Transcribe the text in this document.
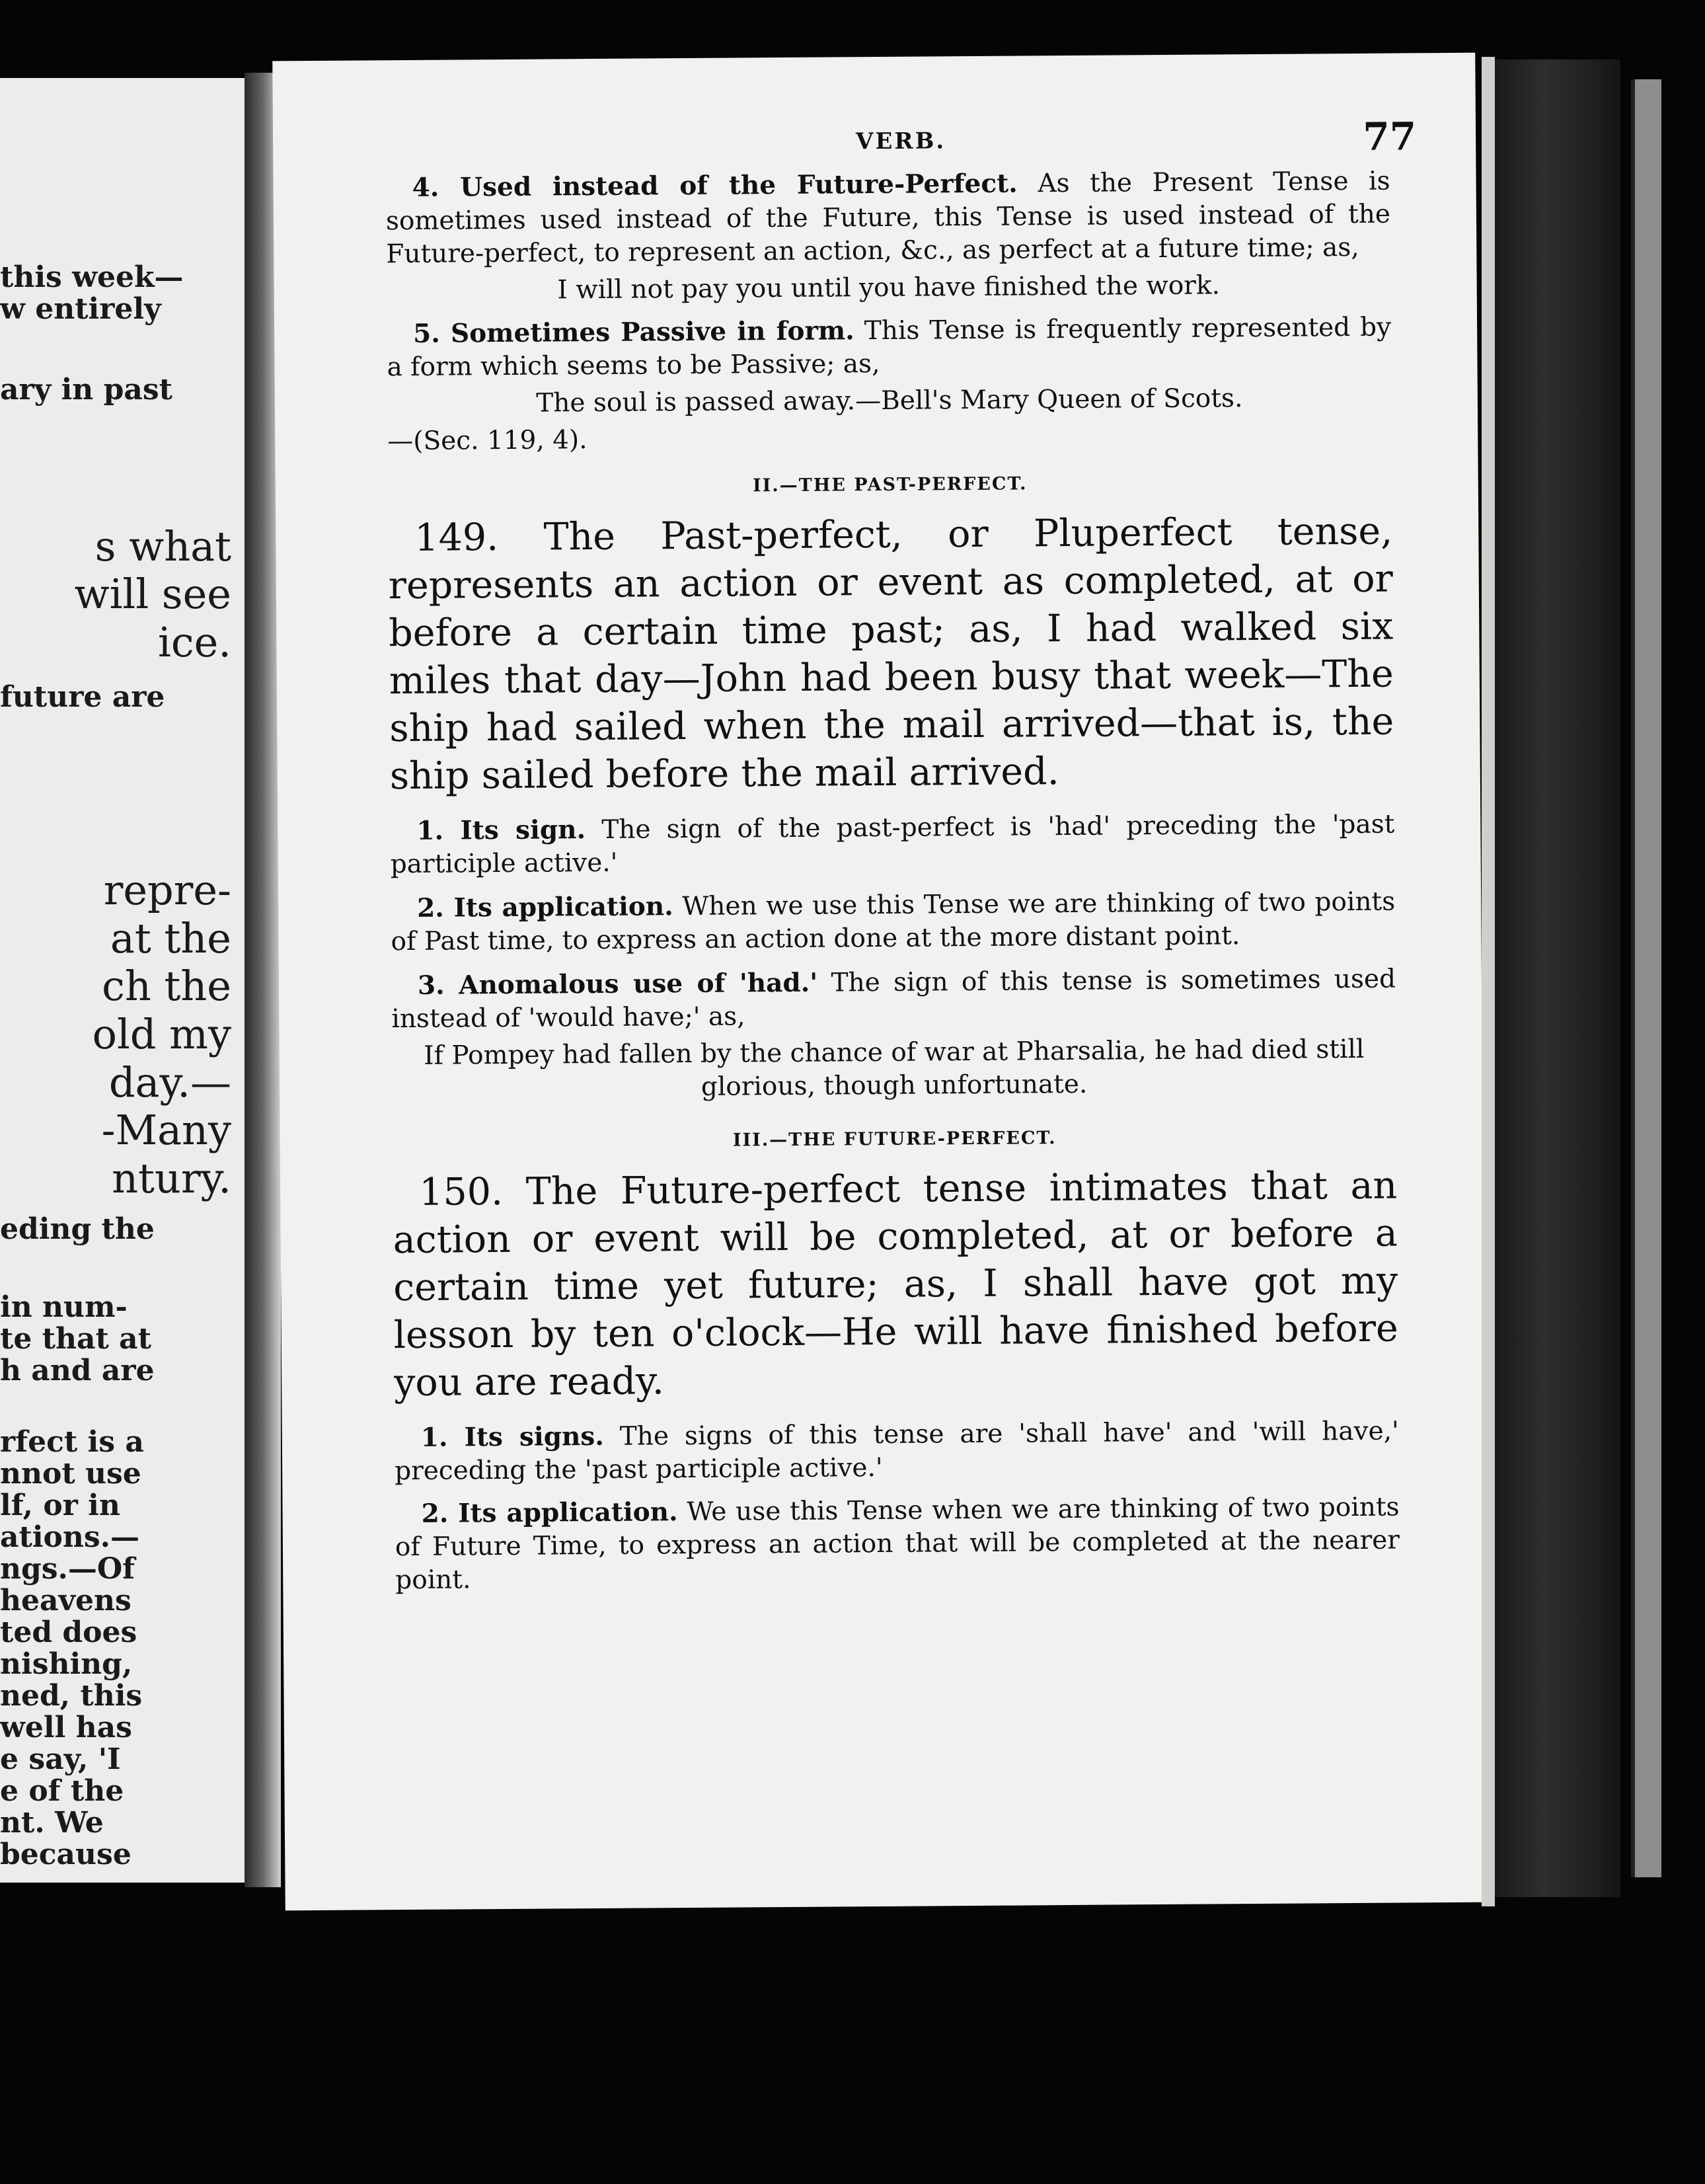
this week—

w entirely

ary in past

s what

will see

ice.

future are

repre-

at the

ch the

old my

day.—

-Many

ntury.

eding the

in num-

te that at

h and are

rfect is a

nnot use

lf, or in

ations.—

ngs.—Of

heavens

ted does

nishing,

ned, this

well has

e say, 'I

e of the

nt. We

because

VERB.	77

4. Used instead of the Future-Perfect. As the Present Tense is sometimes used instead of the Future, this Tense is used instead of the Future-perfect, to represent an action, &c., as perfect at a future time; as,

I will not pay you until you have finished the work.

5. Sometimes Passive in form. This Tense is frequently represented by a form which seems to be Passive; as,

The soul is passed away.—Bell's Mary Queen of Scots.

—(Sec. 119, 4).

II.—THE PAST-PERFECT.

149. The Past-perfect, or Pluperfect tense, represents an action or event as completed, at or before a certain time past; as, I had walked six miles that day—John had been busy that week—The ship had sailed when the mail arrived—that is, the ship sailed before the mail arrived.

1. Its sign. The sign of the past-perfect is 'had' preceding the 'past participle active.'

2. Its application. When we use this Tense we are thinking of two points of Past time, to express an action done at the more distant point.

3. Anomalous use of 'had.' The sign of this tense is sometimes used instead of 'would have;' as,

If Pompey had fallen by the chance of war at Pharsalia, he had died still glorious, though unfortunate.

III.—THE FUTURE-PERFECT.

150. The Future-perfect tense intimates that an action or event will be completed, at or before a certain time yet future; as, I shall have got my lesson by ten o'clock—He will have finished before you are ready.

1. Its signs. The signs of this tense are 'shall have' and 'will have,' preceding the 'past participle active.'

2. Its application. We use this Tense when we are thinking of two points of Future Time, to express an action that will be completed at the nearer point.
